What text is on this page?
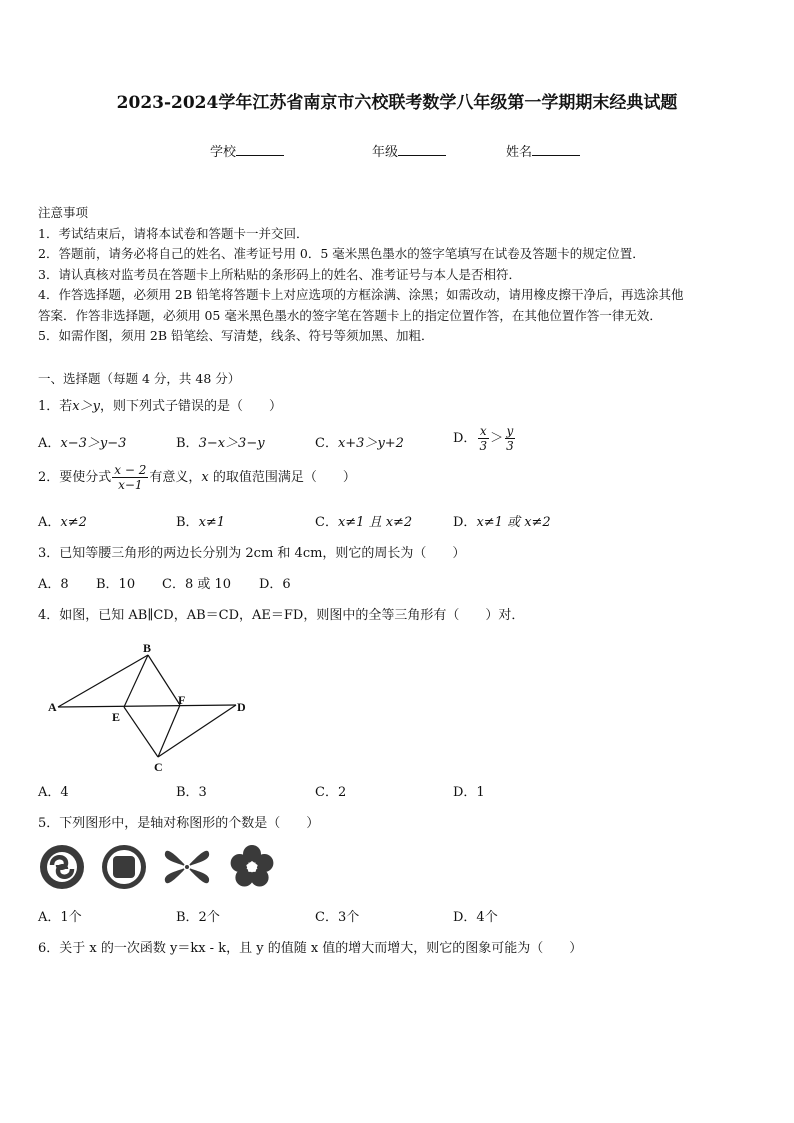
2023-2024学年江苏省南京市六校联考数学八年级第一学期期末经典试题
学校	年级	姓名
注意事项
1．考试结束后，请将本试卷和答题卡一并交回．
2．答题前，请务必将自己的姓名、准考证号用 0．5 毫米黑色墨水的签字笔填写在试卷及答题卡的规定位置．
3．请认真核对监考员在答题卡上所粘贴的条形码上的姓名、准考证号与本人是否相符．
4．作答选择题，必须用 2B 铅笔将答题卡上对应选项的方框涂满、涂黑；如需改动，请用橡皮擦干净后，再选涂其他
答案．作答非选择题，必须用 05 毫米黑色墨水的签字笔在答题卡上的指定位置作答，在其他位置作答一律无效．
5．如需作图，须用 2B 铅笔绘、写清楚，线条、符号等须加黑、加粗．
一、选择题（每题 4 分，共 48 分）
1．若x＞y，则下列式子错误的是（　　）
A．x−3＞y−3	B．3−x＞3−y	C．x+3＞y+2	D． $\frac{x}{3} > \frac{y}{3}$
2．要使分式 $\frac{x - 2}{x-1}$ 有意义，x 的取值范围满足（　　）
A．x≠2	B．x≠1	C．x≠1 且 x≠2	D．x≠1 或 x≠2
3．已知等腰三角形的两边长分别为 2cm 和 4cm，则它的周长为（　　）
A．8 B．10 C．8 或 10 D．6
4．如图，已知 AB∥CD，AB＝CD，AE＝FD，则图中的全等三角形有（　　）对．
A
B
C
D
E
F
A．4	B．3	C．2	D．1
5．下列图形中，是轴对称图形的个数是（　　）
A．1个	B．2个	C．3个	D．4个
6．关于 x 的一次函数 y＝kx - k，且 y 的值随 x 值的增大而增大，则它的图象可能为（　　）
